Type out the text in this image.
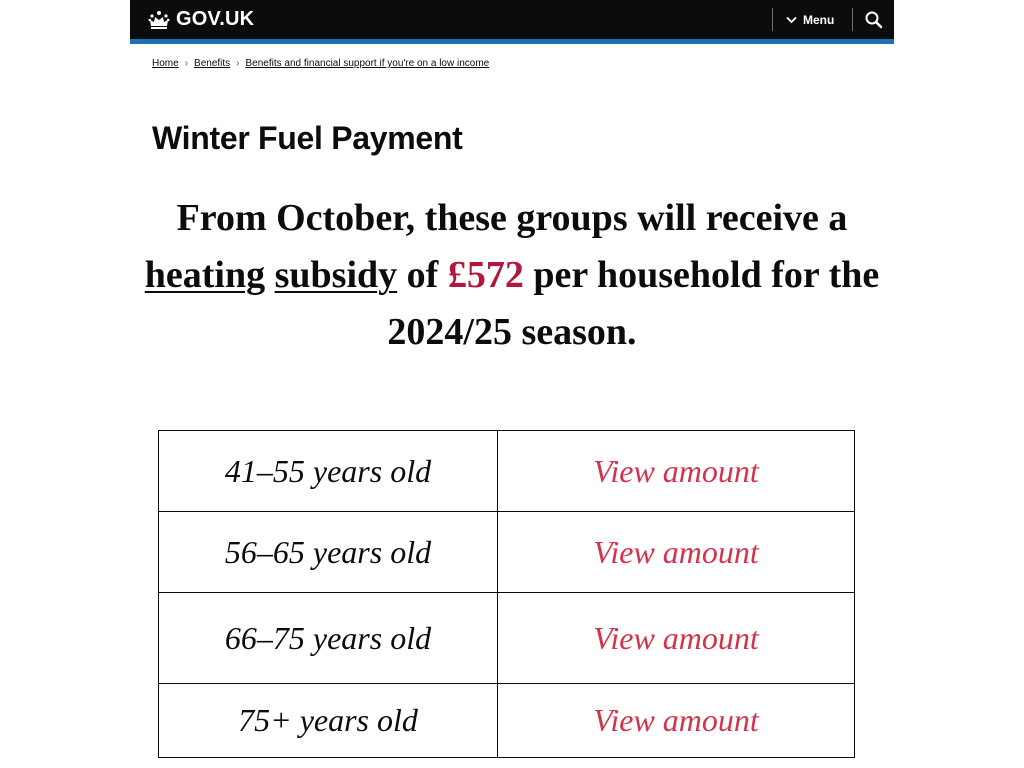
GOV.UK	Menu
Home › Benefits › Benefits and financial support if you're on a low income
Winter Fuel Payment

From October, these groups will receive a heating subsidy of £572 per household for the 2024/25 season.

41–55 years old	View amount
56–65 years old	View amount
66–75 years old	View amount
75+ years old	View amount
